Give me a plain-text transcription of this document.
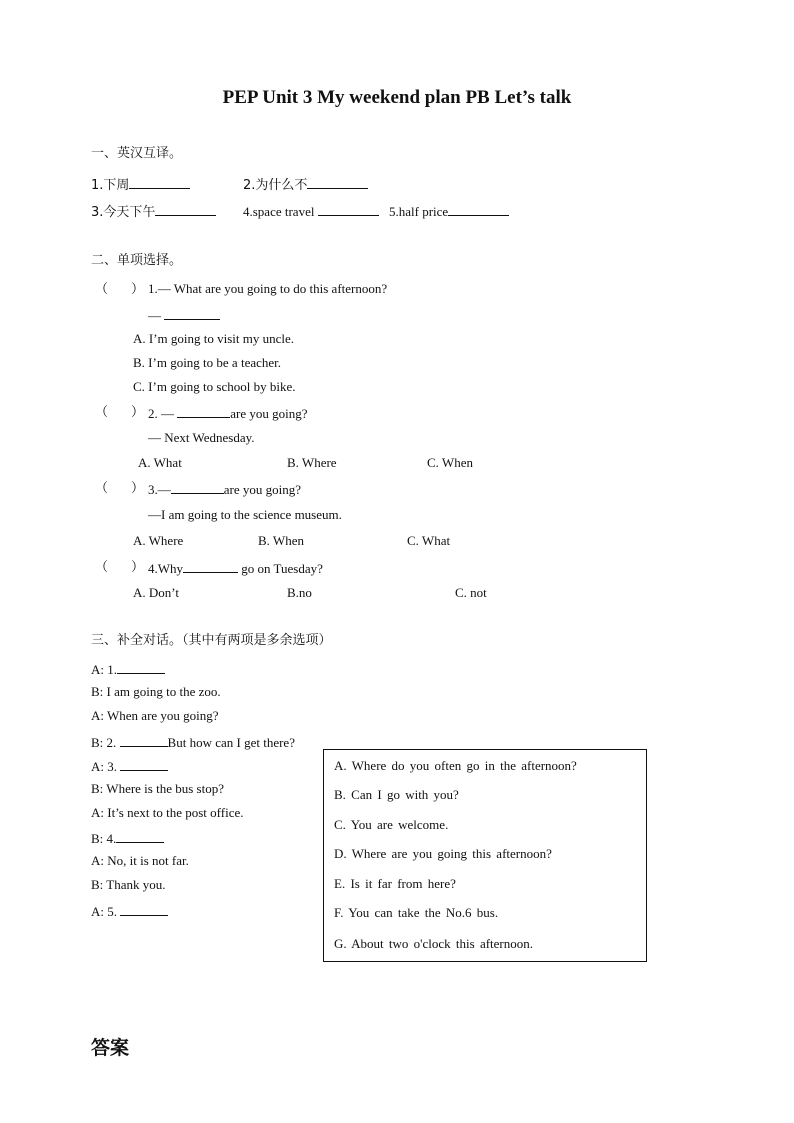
PEP Unit 3 My weekend plan PB Let’s talk
一、英汉互译。
1.下周	2.为什么不
3.今天下午	4.space travel	5.half price
二、单项选择。
（ ） 1.— What are you going to do this afternoon?
—
A. I’m going to visit my uncle.
B. I’m going to be a teacher.
C. I’m going to school by bike.
（ ） 2. —	are you going?
— Next Wednesday.
A. What	B. Where	C. When
（ ） 3.—	are you going?
—I am going to the science museum.
A. Where	B. When	C. What
（ ） 4.Why	go on Tuesday?
A. Don’t	B.no	C. not
三、补全对话。（其中有两项是多余选项）
A: 1.
B: I am going to the zoo.
A: When are you going?
B: 2.	But how can I get there?
A: 3.
B: Where is the bus stop?
A: It’s next to the post office.
B: 4.
A: No, it is not far.
B: Thank you.
A: 5.
A. Where do you often go in the afternoon?
B. Can I go with you?
C. You are welcome.
D. Where are you going this afternoon?
E. Is it far from here?
F. You can take the No.6 bus.
G. About two o'clock this afternoon.
答案
